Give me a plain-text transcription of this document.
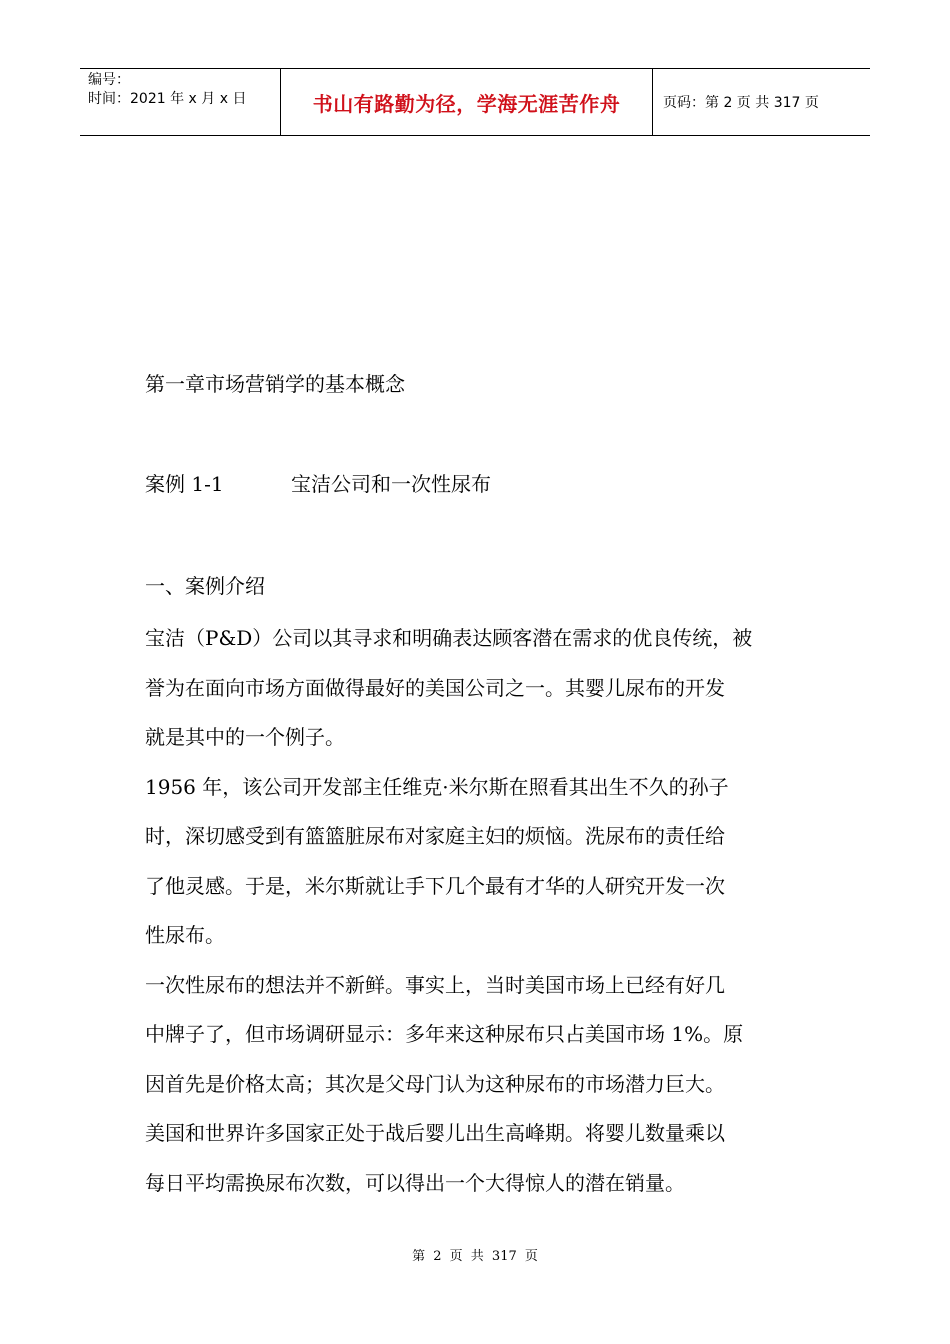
编号：
时间：2021 年 x 月 x 日	书山有路勤为径，学海无涯苦作舟	页码：第 2 页 共 317 页
第一章市场营销学的基本概念
案例 1-1	宝洁公司和一次性尿布
一、案例介绍
宝洁（P&D）公司以其寻求和明确表达顾客潜在需求的优良传统，被
誉为在面向市场方面做得最好的美国公司之一。其婴儿尿布的开发
就是其中的一个例子。
1956 年，该公司开发部主任维克·米尔斯在照看其出生不久的孙子
时，深切感受到有篮篮脏尿布对家庭主妇的烦恼。洗尿布的责任给
了他灵感。于是，米尔斯就让手下几个最有才华的人研究开发一次
性尿布。
一次性尿布的想法并不新鲜。事实上，当时美国市场上已经有好几
中牌子了，但市场调研显示：多年来这种尿布只占美国市场 1%。原
因首先是价格太高；其次是父母门认为这种尿布的市场潜力巨大。
美国和世界许多国家正处于战后婴儿出生高峰期。将婴儿数量乘以
每日平均需换尿布次数，可以得出一个大得惊人的潜在销量。
第 2 页 共 317 页
